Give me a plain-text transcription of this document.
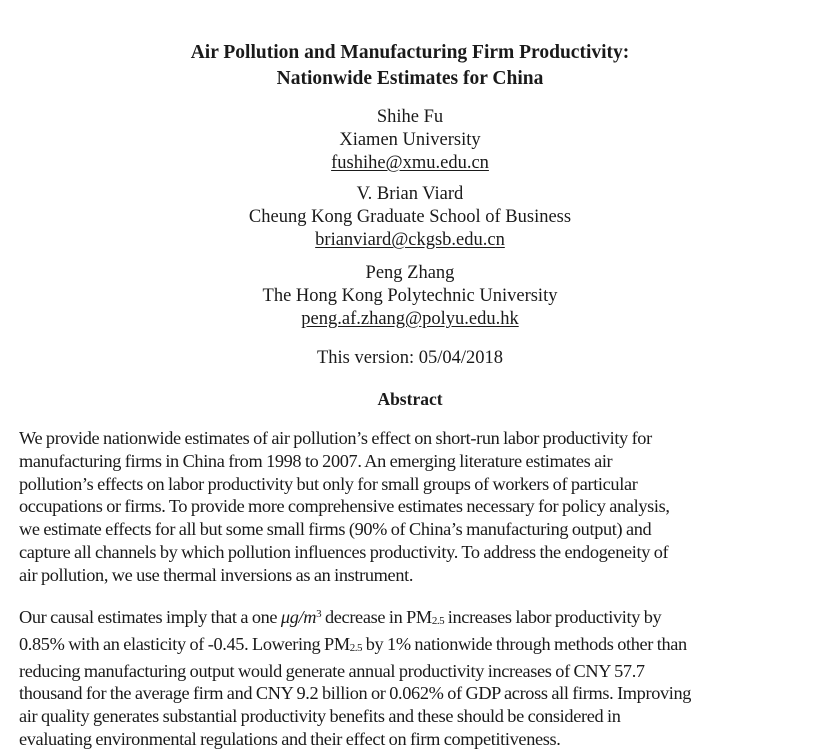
Air Pollution and Manufacturing Firm Productivity:
Nationwide Estimates for China
Shihe Fu
Xiamen University
fushihe@xmu.edu.cn
V. Brian Viard
Cheung Kong Graduate School of Business
brianviard@ckgsb.edu.cn
Peng Zhang
The Hong Kong Polytechnic University
peng.af.zhang@polyu.edu.hk
This version: 05/04/2018
Abstract
We provide nationwide estimates of air pollution’s effect on short-run labor productivity for
manufacturing firms in China from 1998 to 2007. An emerging literature estimates air
pollution’s effects on labor productivity but only for small groups of workers of particular
occupations or firms. To provide more comprehensive estimates necessary for policy analysis,
we estimate effects for all but some small firms (90% of China’s manufacturing output) and
capture all channels by which pollution influences productivity. To address the endogeneity of
air pollution, we use thermal inversions as an instrument.
Our causal estimates imply that a one $\mu g/m^3$ decrease in $PM_{2.5}$ increases labor productivity by
0.85% with an elasticity of -0.45. Lowering $PM_{2.5}$ by 1% nationwide through methods other than
reducing manufacturing output would generate annual productivity increases of CNY 57.7
thousand for the average firm and CNY 9.2 billion or 0.062% of GDP across all firms. Improving
air quality generates substantial productivity benefits and these should be considered in
evaluating environmental regulations and their effect on firm competitiveness.
